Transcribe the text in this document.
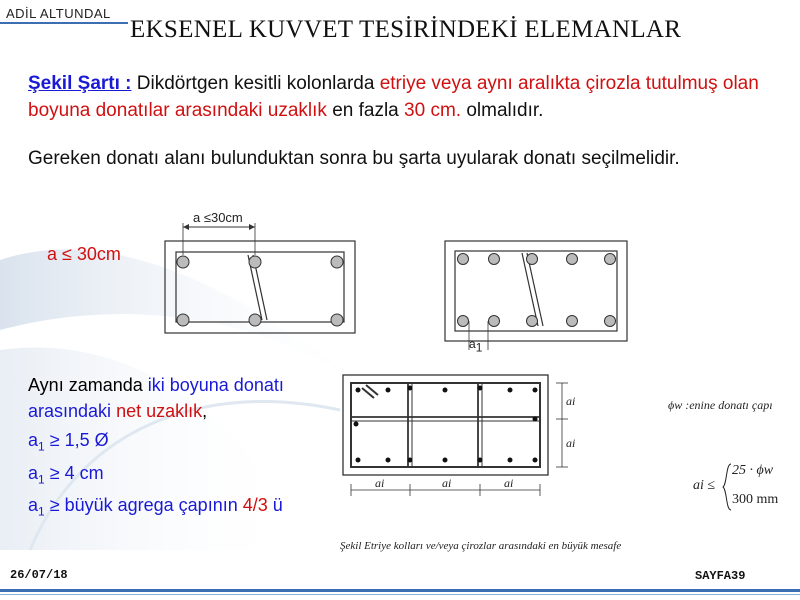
ADİL ALTUNDAL
EKSENEL KUVVET TESİRİNDEKİ ELEMANLAR
Şekil Şartı : Dikdörtgen kesitli kolonlarda etriye veya aynı aralıkta çirozla tutulmuş olan boyuna donatılar arasındaki uzaklık en fazla 30 cm. olmalıdır.
Gereken donatı alanı bulunduktan sonra bu şarta uyularak donatı seçilmelidir.
a ≤ 30cm
a ≤30cm
$a_1$
Aynı zamanda iki boyuna donatı arasındaki net uzaklık,
$a_1 \ge 1,5$ Ø
$a_1 \ge 4$ cm
$a_1$ ≥ büyük agrega çapının 4/3 ü
ai
ai
ai	ai	ai
ϕw :enine donatı çapı
ai ≤
25 · ϕw
300 mm
Şekil Etriye kolları ve/veya çirozlar arasındaki en büyük mesafe
26/07/18	SAYFA39
